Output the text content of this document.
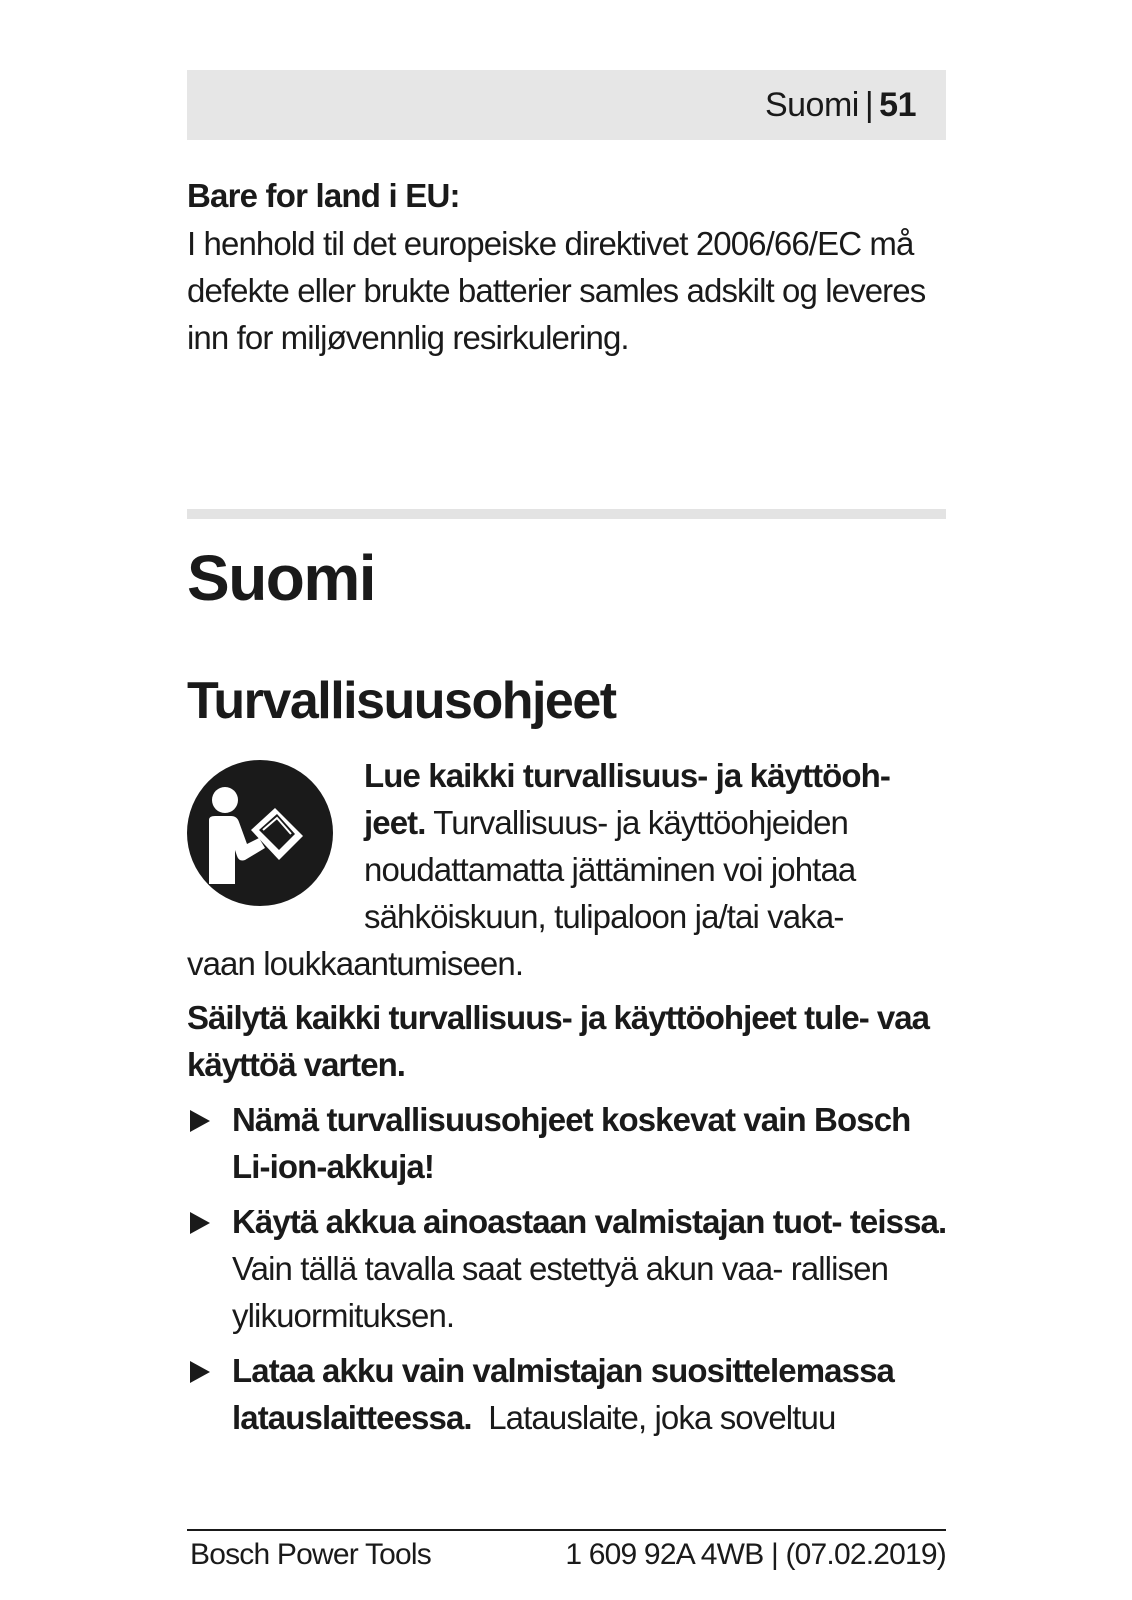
Suomi | 51
Bare for land i EU:
I henhold til det europeiske direktivet 2006/66/EC må defekte eller brukte batterier samles adskilt og leveres inn for miljøvennlig resirkulering.
Suomi
Turvallisuusohjeet
Lue kaikki turvallisuus- ja käyttöoh- jeet. Turvallisuus- ja käyttöohjeiden noudattamatta jättäminen voi johtaa sähköiskuun, tulipaloon ja/tai vaka-
vaan loukkaantumiseen.
Säilytä kaikki turvallisuus- ja käyttöohjeet tule- vaa käyttöä varten.
Nämä turvallisuusohjeet koskevat vain Bosch Li-ion-akkuja!
Käytä akkua ainoastaan valmistajan tuot- teissa. Vain tällä tavalla saat estettyä akun vaa- rallisen ylikuormituksen.
Lataa akku vain valmistajan suosittelemassa latauslaitteessa. Latauslaite, joka soveltuu
Bosch Power Tools	1 609 92A 4WB | (07.02.2019)
